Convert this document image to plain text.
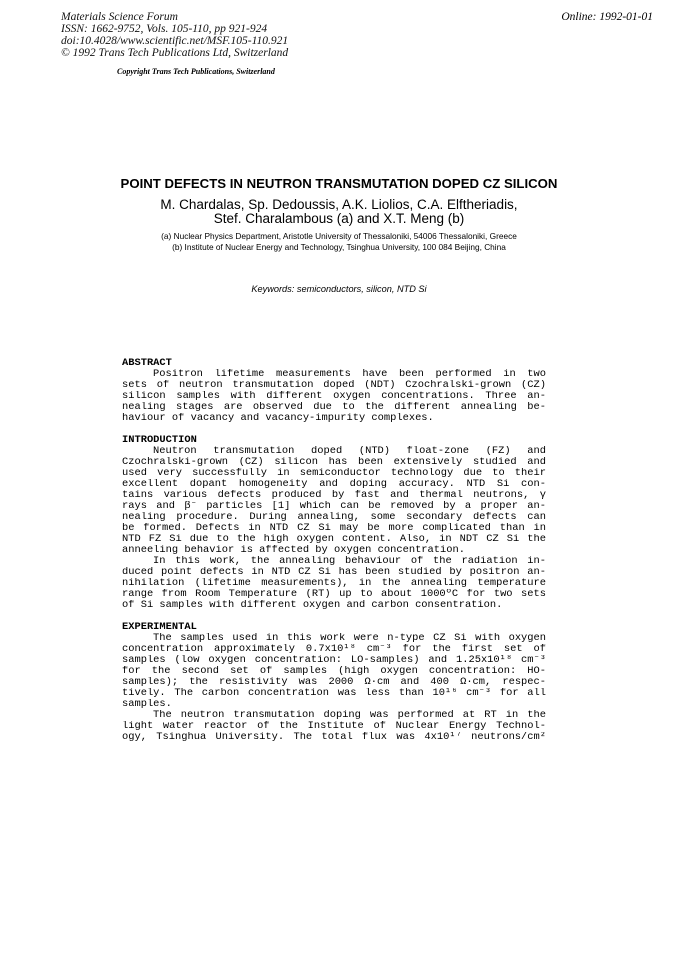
Materials Science Forum
ISSN: 1662-9752, Vols. 105-110, pp 921-924
doi:10.4028/www.scientific.net/MSF.105-110.921
© 1992 Trans Tech Publications Ltd, Switzerland
Online: 1992-01-01
Copyright Trans Tech Publications, Switzerland
POINT DEFECTS IN NEUTRON TRANSMUTATION DOPED CZ SILICON
M. Chardalas, Sp. Dedoussis, A.K. Liolios, C.A. Elftheriadis,
Stef. Charalambous (a) and X.T. Meng (b)
(a) Nuclear Physics Department, Aristotle University of Thessaloniki, 54006 Thessaloniki, Greece
(b) Institute of Nuclear Energy and Technology, Tsinghua University, 100 084 Beijing, China
Keywords: semiconductors, silicon, NTD Si
ABSTRACT
Positron lifetime measurements have been performed in two
sets of neutron transmutation doped (NDT) Czochralski-grown (CZ)
silicon samples with different oxygen concentrations. Three an-
nealing stages are observed due to the different annealing be-
haviour of vacancy and vacancy-impurity complexes.
INTRODUCTION
Neutron transmutation doped (NTD) float-zone (FZ) and
Czochralski-grown (CZ) silicon has been extensively studied and
used very successfully in semiconductor technology due to their
excellent dopant homogeneity and doping accuracy. NTD Si con-
tains various defects produced by fast and thermal neutrons, γ
rays and β⁻ particles [1] which can be removed by a proper an-
nealing procedure. During annealing, some secondary defects can
be formed. Defects in NTD CZ Si may be more complicated than in
NTD FZ Si due to the high oxygen content. Also, in NDT CZ Si the
anneeling behavior is affected by oxygen concentration.
In this work, the annealing behaviour of the radiation in-
duced point defects in NTD CZ Si has been studied by positron an-
nihilation (lifetime measurements), in the annealing temperature
range from Room Temperature (RT) up to about 1000ºC for two sets
of Si samples with different oxygen and carbon consentration.
EXPERIMENTAL
The samples used in this work were n-type CZ Si with oxygen
concentration approximately 0.7x10¹⁸ cm⁻³ for the first set of
samples (low oxygen concentration: LO-samples) and 1.25x10¹⁸ cm⁻³
for the second set of samples (high oxygen concentration: HO-
samples); the resistivity was 2000 Ω·cm and 400 Ω·cm, respec-
tively. The carbon concentration was less than 10¹⁶ cm⁻³ for all
samples.
The neutron transmutation doping was performed at RT in the
light water reactor of the Institute of Nuclear Energy Technol-
ogy, Tsinghua University. The total flux was 4x10¹⁷ neutrons/cm²
